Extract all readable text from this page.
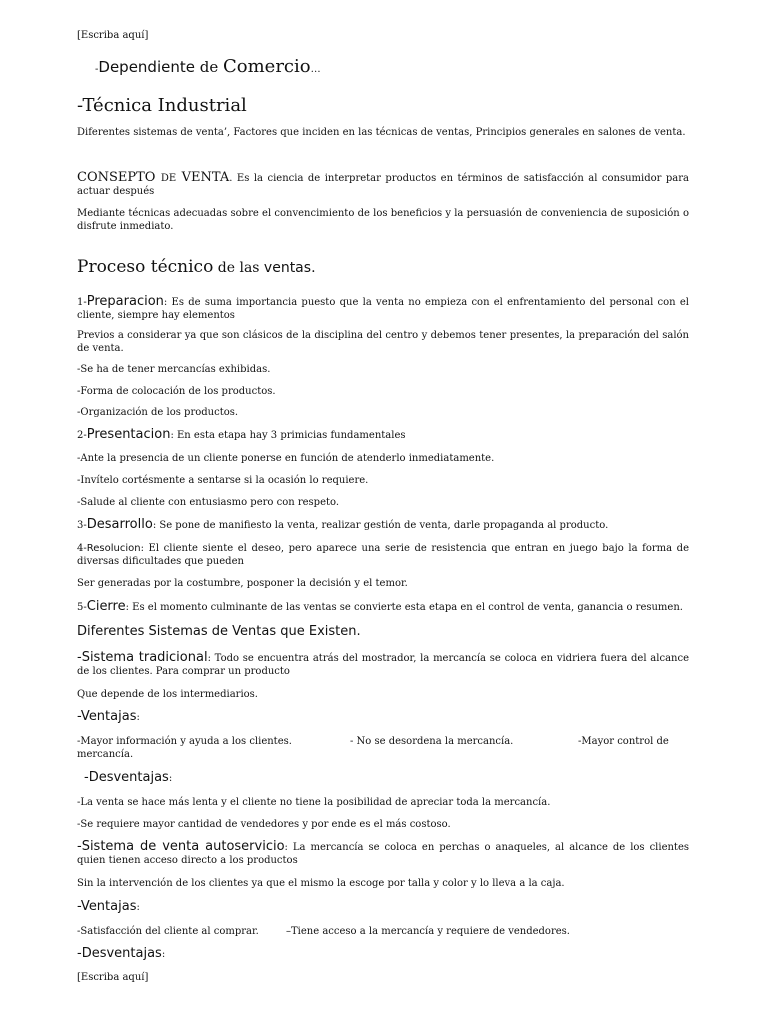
[Escriba aquí]
-Dependiente de Comercio…
-Técnica Industrial
Diferentes sistemas de venta’, Factores que inciden en las técnicas de ventas, Principios generales en salones de venta.
CONSEPTO DE VENTA. Es la ciencia de interpretar productos en términos de satisfacción al consumidor para actuar después
Mediante técnicas adecuadas sobre el convencimiento de los beneficios y la persuasión de conveniencia de suposición o disfrute inmediato.
Proceso técnico de las ventas.
1-Preparacion: Es de suma importancia puesto que la venta no empieza con el enfrentamiento del personal con el cliente, siempre hay elementos
Previos a considerar ya que son clásicos de la disciplina del centro y debemos tener presentes, la preparación del salón de venta.
-Se ha de tener mercancías exhibidas.
-Forma de colocación de los productos.
-Organización de los productos.
2-Presentacion: En esta etapa hay 3 primicias fundamentales
-Ante la presencia de un cliente ponerse en función de atenderlo inmediatamente.
-Invítelo cortésmente a sentarse si la ocasión lo requiere.
-Salude al cliente con entusiasmo pero con respeto.
3-Desarrollo: Se pone de manifiesto la venta, realizar gestión de venta, darle propaganda al producto.
4-Resolucion: El cliente siente el deseo, pero aparece una serie de resistencia que entran en juego bajo la forma de diversas dificultades que pueden
Ser generadas por la costumbre, posponer la decisión y el temor.
5-Cierre: Es el momento culminante de las ventas se convierte esta etapa en el control de venta, ganancia o resumen.
Diferentes Sistemas de Ventas que Existen.
-Sistema tradicional: Todo se encuentra atrás del mostrador, la mercancía se coloca en vidriera fuera del alcance de los clientes. Para comprar un producto
Que depende de los intermediarios.
-Ventajas:
-Mayor información y ayuda a los clientes.	- No se desordena la mercancía.	-Mayor control de
mercancía.
-Desventajas:
-La venta se hace más lenta y el cliente no tiene la posibilidad de apreciar toda la mercancía.
-Se requiere mayor cantidad de vendedores y por ende es el más costoso.
-Sistema de venta autoservicio: La mercancía se coloca en perchas o anaqueles, al alcance de los clientes quien tienen acceso directo a los productos
Sin la intervención de los clientes ya que el mismo la escoge por talla y color y lo lleva a la caja.
-Ventajas:
-Satisfacción del cliente al comprar.	–Tiene acceso a la mercancía y requiere de vendedores.
-Desventajas:
[Escriba aquí]
